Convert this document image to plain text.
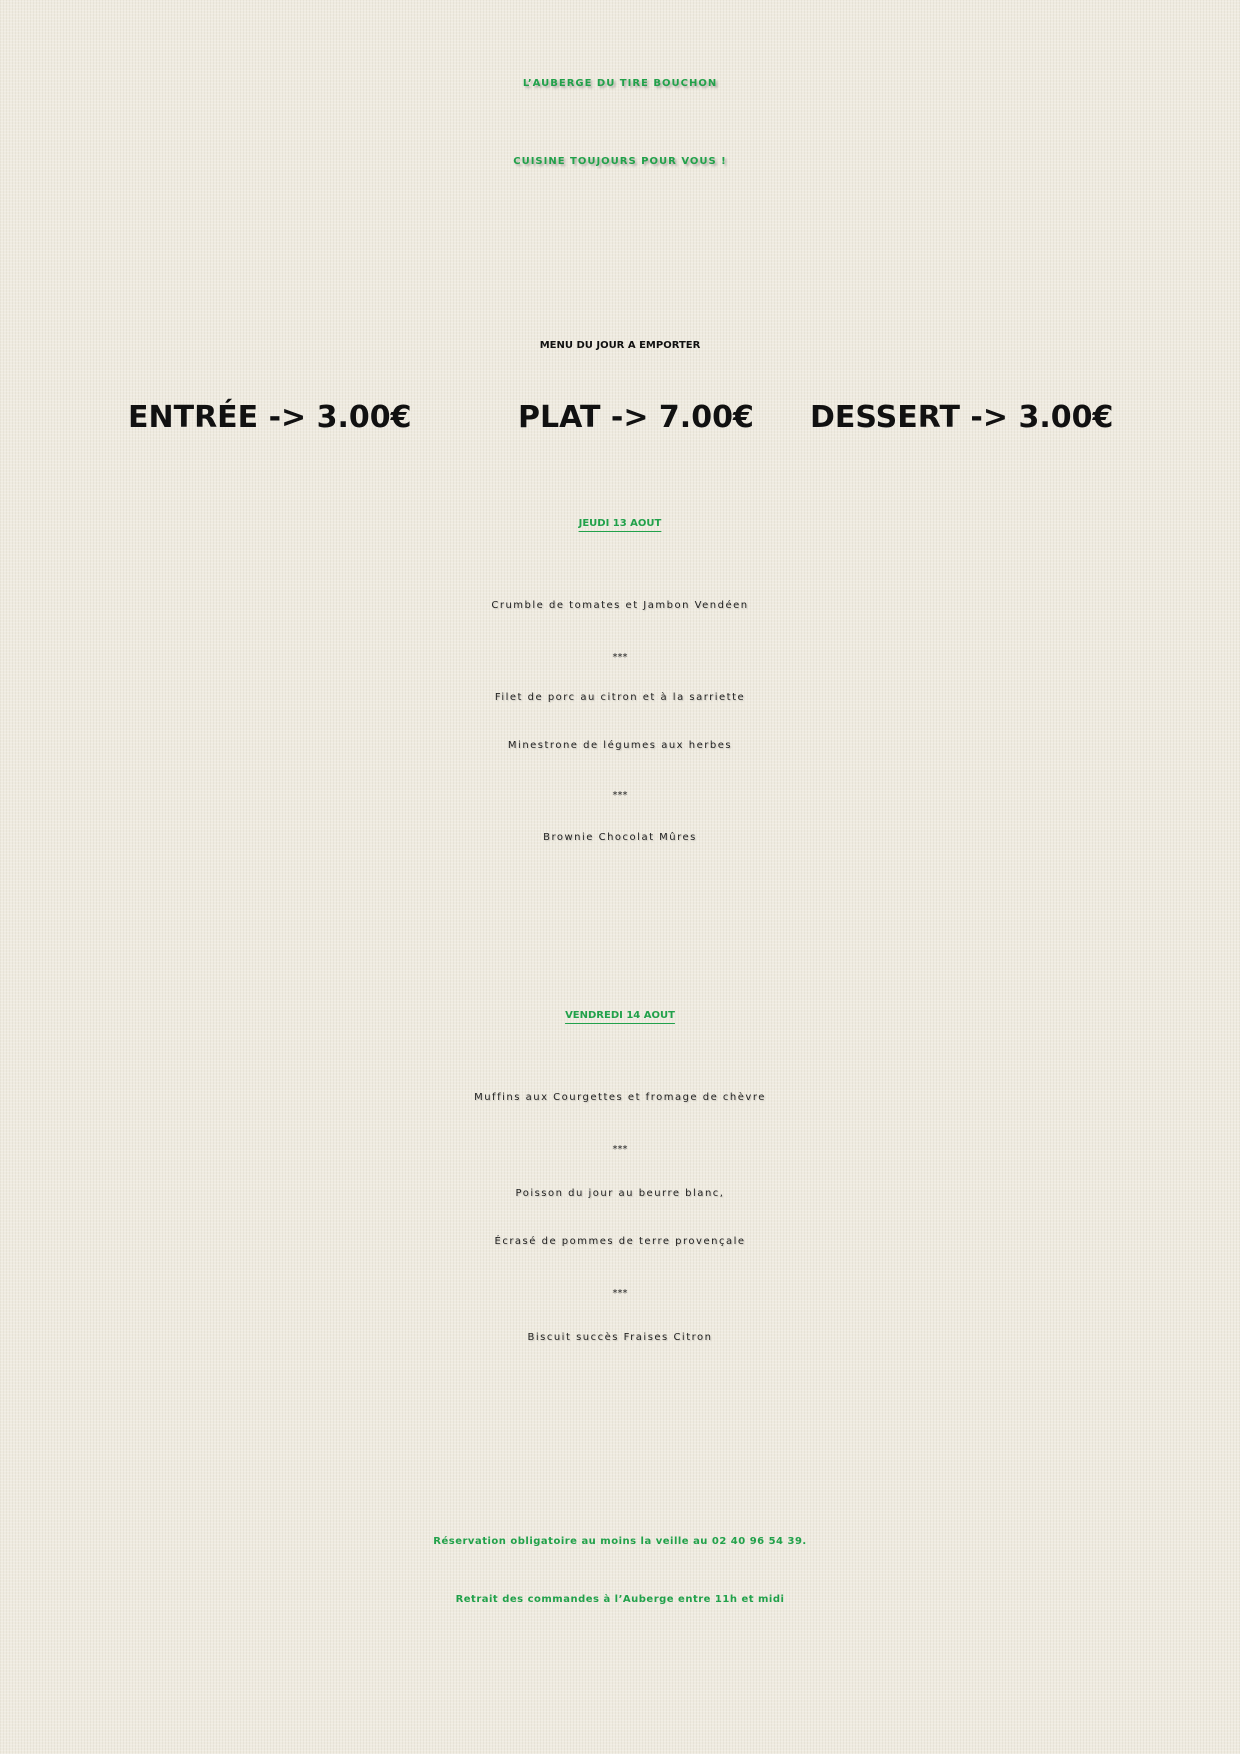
L’AUBERGE DU TIRE BOUCHON
CUISINE TOUJOURS POUR VOUS !
MENU DU JOUR A EMPORTER
ENTRÉE -> 3.00€	PLAT -> 7.00€ DESSERT -> 3.00€
JEUDI 13 AOUT
Crumble de tomates et Jambon Vendéen
***
Filet de porc au citron et à la sarriette
Minestrone de légumes aux herbes
***
Brownie Chocolat Mûres
VENDREDI 14 AOUT
Muffins aux Courgettes et fromage de chèvre
***
Poisson du jour au beurre blanc,
Écrasé de pommes de terre provençale
***
Biscuit succès Fraises Citron
Réservation obligatoire au moins la veille au 02 40 96 54 39.
Retrait des commandes à l’Auberge entre 11h et midi
